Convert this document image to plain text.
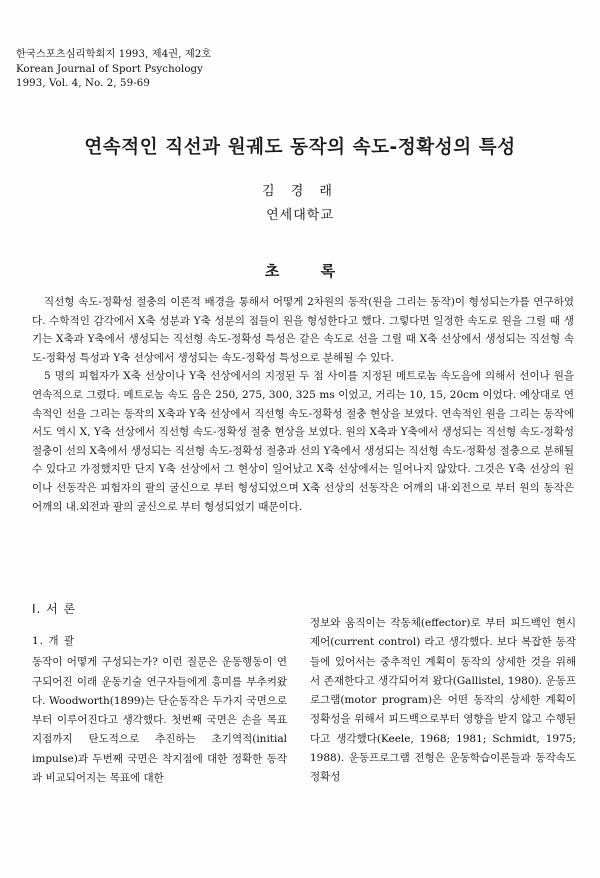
한국스포츠심리학회지 1993, 제4권, 제2호
Korean Journal of Sport Psychology
1993, Vol. 4, No. 2, 59-69
연속적인 직선과 원궤도 동작의 속도-정확성의 특성
김 경 래
연세대학교
초 록

직선형 속도-정확성 절충의 이론적 배경을 통해서 어떻게 2차원의 동작(원을 그리는 동작)이 형성되는가를 연구하였다. 수학적인 감각에서 X축 성분과 Y축 성분의 점들이 원을 형성한다고 했다. 그렇다면 일정한 속도로 원을 그릴 때 생기는 X축과 Y축에서 생성되는 직선형 속도-정확성 특성은 같은 속도로 선을 그릴 때 X축 선상에서 생성되는 직선형 속도-정확성 특성과 Y축 선상에서 생성되는 속도-정확성 특성으로 분해될 수 있다.

5 명의 피험자가 X축 선상이나 Y축 선상에서의 지정된 두 점 사이를 지정된 메트로놈 속도음에 의해서 선이나 원을 연속적으로 그렸다. 메트로놈 속도 음은 250, 275, 300, 325 ms 이었고, 거리는 10, 15, 20cm 이었다. 예상대로 연속적인 선을 그리는 동작의 X축과 Y축 선상에서 직선형 속도-정확성 절충 현상을 보였다. 연속적인 원을 그리는 동작에서도 역시 X, Y축 선상에서 직선형 속도-정확성 절충 현상을 보였다. 원의 X축과 Y축에서 생성되는 직선형 속도-정확성 절충이 선의 X축에서 생성되는 직선형 속도-정확성 절충과 선의 Y축에서 생성되는 직선형 속도-정확성 절충으로 분해될 수 있다고 가정했지만 단지 Y축 선상에서 그 현상이 일어났고 X축 선상에서는 일어나지 않았다. 그것은 Y축 선상의 원이나 선동작은 피험자의 팔의 굴신으로 부터 형성되었으며 X축 선상의 선동작은 어깨의 내·외전으로 부터 원의 동작은 어깨의 내.외전과 팔의 굴신으로 부터 형성되었기 때문이다.

Ⅰ. 서 론
1. 개 괄

동작이 어떻게 구성되는가? 이런 질문은 운동행동이 연구되어진 이래 운동기술 연구자들에게 흥미를 부추켜왔다. Woodworth(1899)는 단순동작은 두가지 국면으로 부터 이루어진다고 생각했다. 첫번째 국면은 손을 목표 지점까지 탄도적으로 추진하는 초기역적(initial impulse)과 두번째 국면은 착지점에 대한 정확한 동작과 비교되어지는 목표에 대한

정보와 움직이는 작동체(effector)로 부터 피드백인 현시제어(current control) 라고 생각했다. 보다 복잡한 동작들에 있어서는 중추적인 계획이 동작의 상세한 것을 위해서 존재한다고 생각되어져 왔다(Gallistel, 1980). 운동프로그램(motor program)은 어떤 동작의 상세한 계획이 정확성을 위해서 피드백으로부터 영향을 받지 않고 수행된다고 생각했다(Keele, 1968; 1981; Schmidt, 1975; 1988). 운동프로그램 전형은 운동학습이론들과 동작속도 정확성
